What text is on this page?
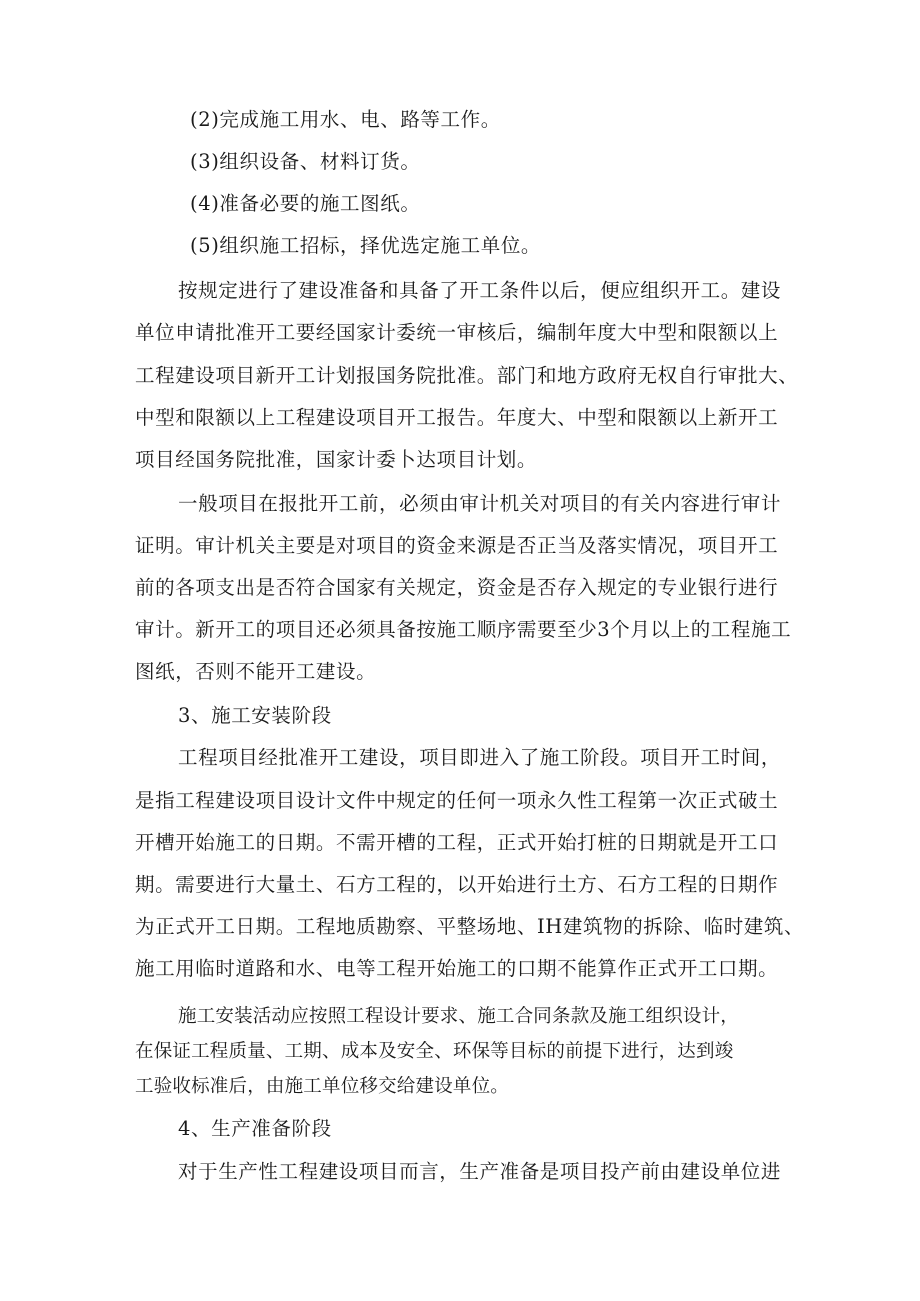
(2)完成施工用水、电、路等工作。
(3)组织设备、材料订货。
(4)准备必要的施工图纸。
(5)组织施工招标，择优选定施工单位。
按规定进行了建设准备和具备了开工条件以后，便应组织开工。建设
单位申请批准开工要经国家计委统一审核后，编制年度大中型和限额以上
工程建设项目新开工计划报国务院批准。部门和地方政府无权自行审批大、
中型和限额以上工程建设项目开工报告。年度大、中型和限额以上新开工
项目经国务院批准，国家计委卜达项目计划。
一般项目在报批开工前，必须由审计机关对项目的有关内容进行审计
证明。审计机关主要是对项目的资金来源是否正当及落实情况，项目开工
前的各项支出是否符合国家有关规定，资金是否存入规定的专业银行进行
审计。新开工的项目还必须具备按施工顺序需要至少3个月以上的工程施工
图纸，否则不能开工建设。
3、施工安装阶段
工程项目经批准开工建设，项目即进入了施工阶段。项目开工时间，
是指工程建设项目设计文件中规定的任何一项永久性工程第一次正式破土
开槽开始施工的日期。不需开槽的工程，正式开始打桩的日期就是开工口
期。需要进行大量土、石方工程的，以开始进行土方、石方工程的日期作
为正式开工日期。工程地质勘察、平整场地、IH建筑物的拆除、临时建筑、
施工用临时道路和水、电等工程开始施工的口期不能算作正式开工口期。
施工安装活动应按照工程设计要求、施工合同条款及施工组织设计，
在保证工程质量、工期、成本及安全、环保等目标的前提下进行，达到竣
工验收标准后，由施工单位移交给建设单位。
4、生产准备阶段
对于生产性工程建设项目而言，生产准备是项目投产前由建设单位进
